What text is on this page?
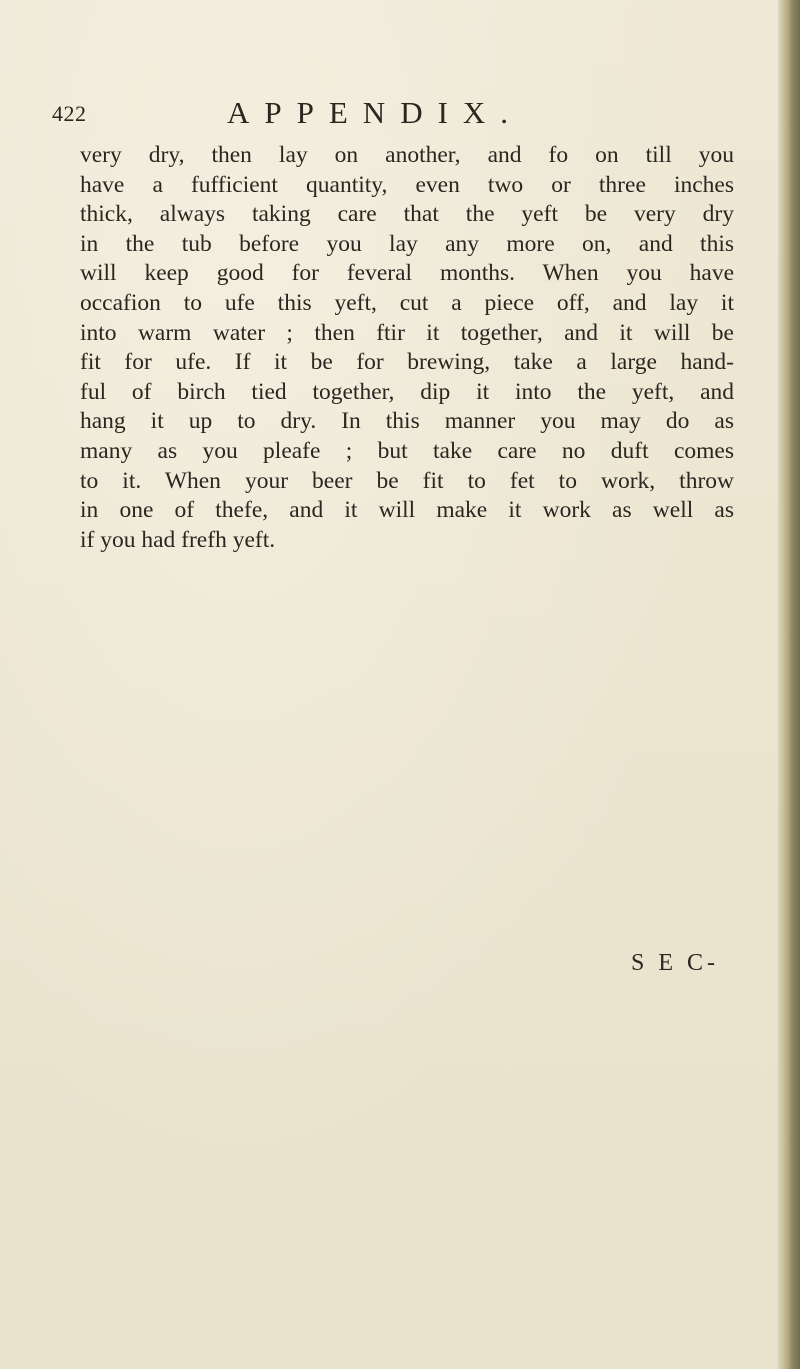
422	APPENDIX.
very dry, then lay on another, and fo on till you
have a fufficient quantity, even two or three inches
thick, always taking care that the yeft be very dry
in the tub before you lay any more on, and this
will keep good for feveral months. When you have
occafion to ufe this yeft, cut a piece off, and lay it
into warm water ; then ftir it together, and it will be
fit for ufe. If it be for brewing, take a large hand-
ful of birch tied together, dip it into the yeft, and
hang it up to dry. In this manner you may do as
many as you pleafe ; but take care no duft comes
to it. When your beer be fit to fet to work, throw
in one of thefe, and it will make it work as well as
if you had frefh yeft.
S E C-
